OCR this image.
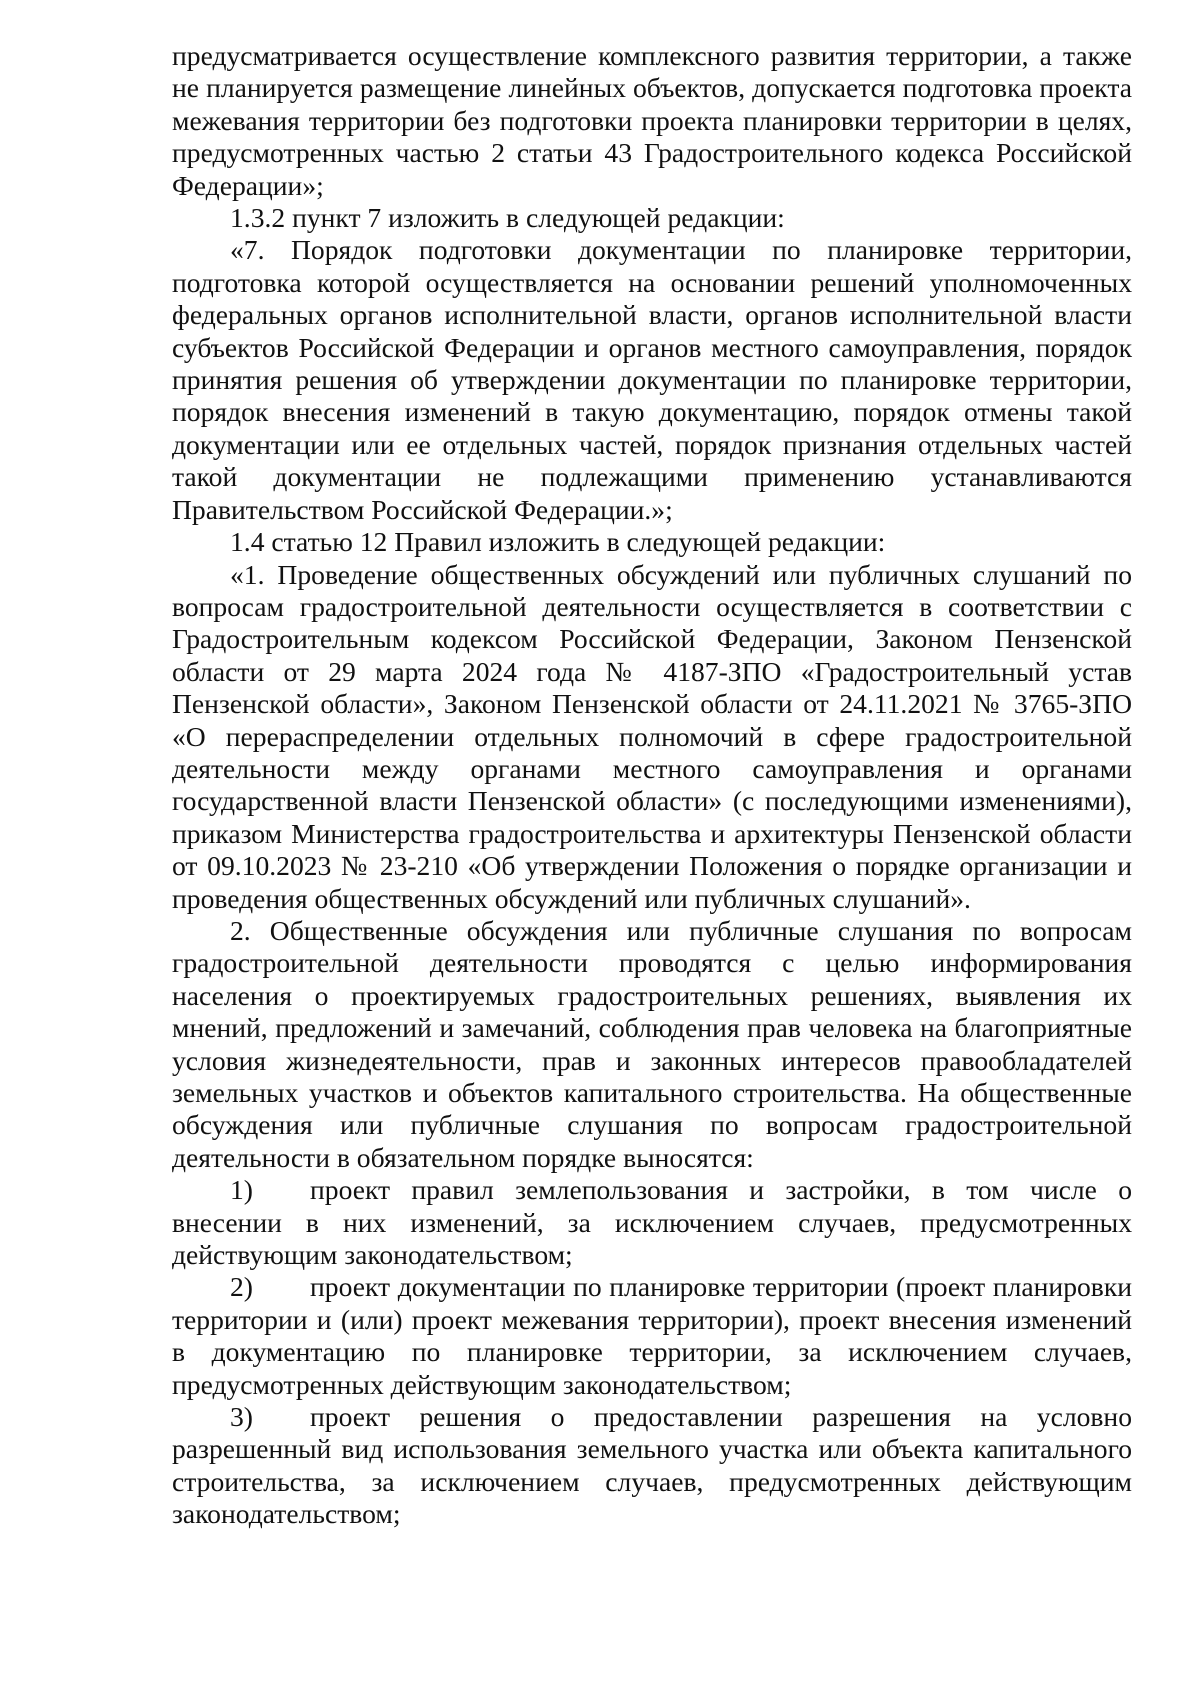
предусматривается осуществление комплексного развития территории, а также не планируется размещение линейных объектов, допускается подготовка проекта межевания территории без подготовки проекта планировки территории в целях, предусмотренных частью 2 статьи 43 Градостроительного кодекса Российской Федерации»;

1.3.2 пункт 7 изложить в следующей редакции:

«7. Порядок подготовки документации по планировке территории, подготовка которой осуществляется на основании решений уполномоченных федеральных органов исполнительной власти, органов исполнительной власти субъектов Российской Федерации и органов местного самоуправления, порядок принятия решения об утверждении документации по планировке территории, порядок внесения изменений в такую документацию, порядок отмены такой документации или ее отдельных частей, порядок признания отдельных частей такой документации не подлежащими применению устанавливаются Правительством Российской Федерации.»;

1.4 статью 12 Правил изложить в следующей редакции:

«1. Проведение общественных обсуждений или публичных слушаний по вопросам градостроительной деятельности осуществляется в соответствии с Градостроительным кодексом Российской Федерации, Законом Пензенской области от 29 марта 2024 года № 4187-ЗПО «Градостроительный устав Пензенской области», Законом Пензенской области от 24.11.2021 № 3765-ЗПО «О перераспределении отдельных полномочий в сфере градостроительной деятельности между органами местного самоуправления и органами государственной власти Пензенской области» (с последующими изменениями), приказом Министерства градостроительства и архитектуры Пензенской области от 09.10.2023 № 23-210 «Об утверждении Положения о порядке организации и проведения общественных обсуждений или публичных слушаний».

2. Общественные обсуждения или публичные слушания по вопросам градостроительной деятельности проводятся с целью информирования населения о проектируемых градостроительных решениях, выявления их мнений, предложений и замечаний, соблюдения прав человека на благоприятные условия жизнедеятельности, прав и законных интересов правообладателей земельных участков и объектов капитального строительства. На общественные обсуждения или публичные слушания по вопросам градостроительной деятельности в обязательном порядке выносятся:

1) проект правил землепользования и застройки, в том числе о внесении в них изменений, за исключением случаев, предусмотренных действующим законодательством;

2) проект документации по планировке территории (проект планировки территории и (или) проект межевания территории), проект внесения изменений в документацию по планировке территории, за исключением случаев, предусмотренных действующим законодательством;

3) проект решения о предоставлении разрешения на условно разрешенный вид использования земельного участка или объекта капитального строительства, за исключением случаев, предусмотренных действующим законодательством;
